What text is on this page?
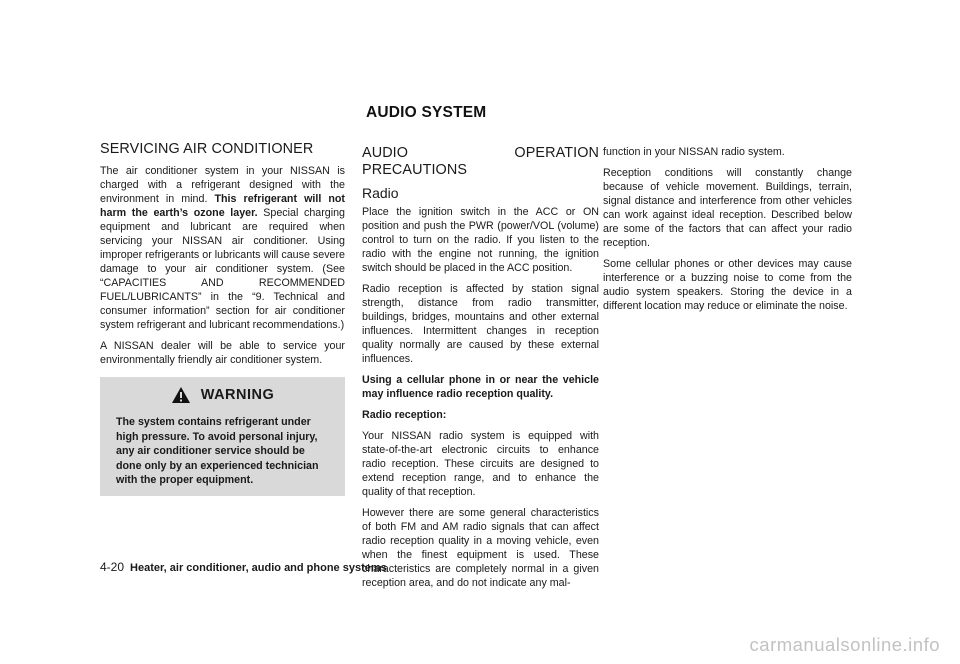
AUDIO SYSTEM
SERVICING AIR CONDITIONER

The air conditioner system in your NISSAN is charged with a refrigerant designed with the environment in mind. This refrigerant will not harm the earth’s ozone layer. Special charging equipment and lubricant are required when servicing your NISSAN air conditioner. Using improper refrigerants or lubricants will cause severe damage to your air conditioner system. (See “CAPACITIES AND RECOMMENDED FUEL/LUBRICANTS” in the “9. Technical and consumer information” section for air conditioner system refrigerant and lubricant recommendations.)

A NISSAN dealer will be able to service your environmentally friendly air conditioner system.

WARNING
The system contains refrigerant under high pressure. To avoid personal injury, any air conditioner service should be done only by an experienced technician with the proper equipment.
AUDIO OPERATION PRECAUTIONS
Radio

Place the ignition switch in the ACC or ON position and push the PWR (power/VOL (volume) control to turn on the radio. If you listen to the radio with the engine not running, the ignition switch should be placed in the ACC position.

Radio reception is affected by station signal strength, distance from radio transmitter, buildings, bridges, mountains and other external influences. Intermittent changes in reception quality normally are caused by these external influences.

Using a cellular phone in or near the vehicle may influence radio reception quality.
Radio reception:

Your NISSAN radio system is equipped with state-of-the-art electronic circuits to enhance radio reception. These circuits are designed to extend reception range, and to enhance the quality of that reception.

However there are some general characteristics of both FM and AM radio signals that can affect radio reception quality in a moving vehicle, even when the finest equipment is used. These characteristics are completely normal in a given reception area, and do not indicate any mal-

function in your NISSAN radio system.

Reception conditions will constantly change because of vehicle movement. Buildings, terrain, signal distance and interference from other vehicles can work against ideal reception. Described below are some of the factors that can affect your radio reception.

Some cellular phones or other devices may cause interference or a buzzing noise to come from the audio system speakers. Storing the device in a different location may reduce or eliminate the noise.

4-20 Heater, air conditioner, audio and phone systems
carmanualsonline.info
